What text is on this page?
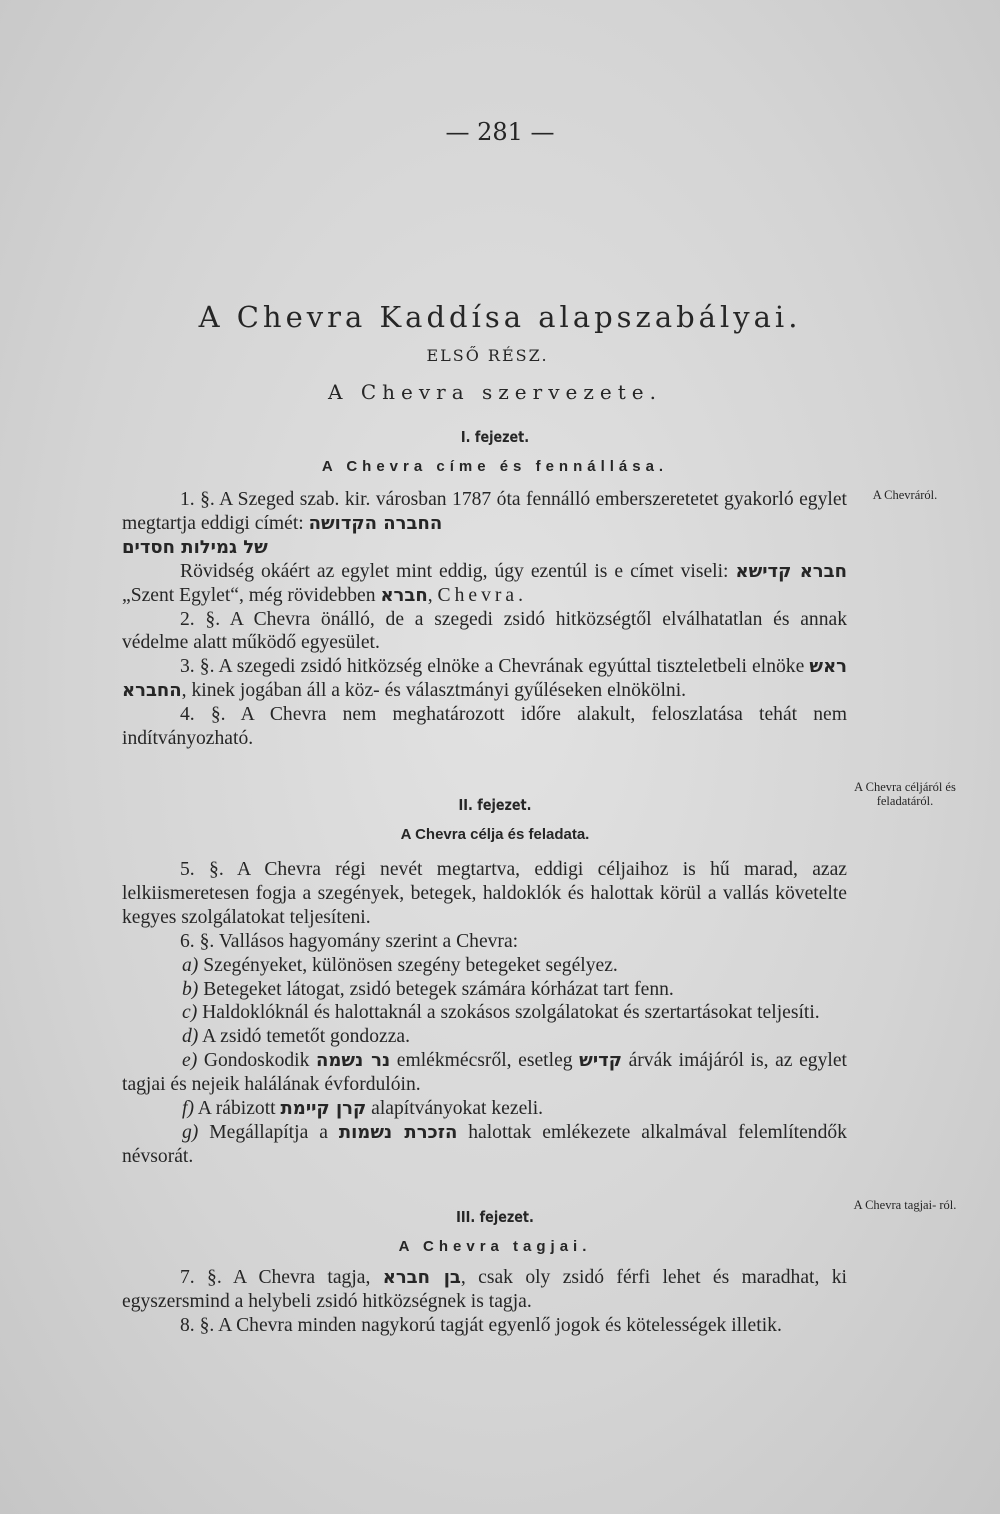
— 281 —
A Chevra Kaddísa alapszabályai.
ELSŐ RÉSZ.
A Chevra szervezete.
I. fejezet.
A Chevra címe és fennállása.
A Chevráról.

1. §. A Szeged szab. kir. városban 1787 óta fennálló emberszeretetet gyakorló egylet megtartja eddigi címét: החברה הקדושה
של גמילות חסדים

Rövidség okáért az egylet mint eddig, úgy ezentúl is e címet viseli: חברא קדישא „Szent Egylet“, még rövidebben חברא, Chevra.

2. §. A Chevra önálló, de a szegedi zsidó hitközségtől elválhatatlan és annak védelme alatt működő egyesület.

3. §. A szegedi zsidó hitközség elnöke a Chevrának egyúttal tiszteletbeli elnöke ראש החברא, kinek jogában áll a köz- és választmányi gyűléseken elnökölni.

4. §. A Chevra nem meghatározott időre alakult, feloszlatása tehát nem indítványozható.

A Chevra céljáról és feladatáról.
II. fejezet.
A Chevra célja és feladata.

5. §. A Chevra régi nevét megtartva, eddigi céljaihoz is hű marad, azaz lelkiismeretesen fogja a szegények, betegek, haldoklók és halottak körül a vallás követelte kegyes szolgálatokat teljesíteni.

6. §. Vallásos hagyomány szerint a Chevra:

a) Szegényeket, különösen szegény betegeket segélyez.

b) Betegeket látogat, zsidó betegek számára kórházat tart fenn.

c) Haldoklóknál és halottaknál a szokásos szolgálatokat és szertartásokat teljesíti.

d) A zsidó temetőt gondozza.

e) Gondoskodik נר נשמה emlékmécsről, esetleg קדיש árvák imájáról is, az egylet tagjai és nejeik halálának évfordulóin.

f) A rábizott קרן קיימת alapítványokat kezeli.

g) Megállapítja a הזכרת נשמות halottak emlékezete alkalmával felemlítendők névsorát.

A Chevra tagjai- ról.
III. fejezet.
A Chevra tagjai.

7. §. A Chevra tagja, בן חברא, csak oly zsidó férfi lehet és maradhat, ki egyszersmind a helybeli zsidó hitközségnek is tagja.

8. §. A Chevra minden nagykorú tagját egyenlő jogok és kötelességek illetik.
